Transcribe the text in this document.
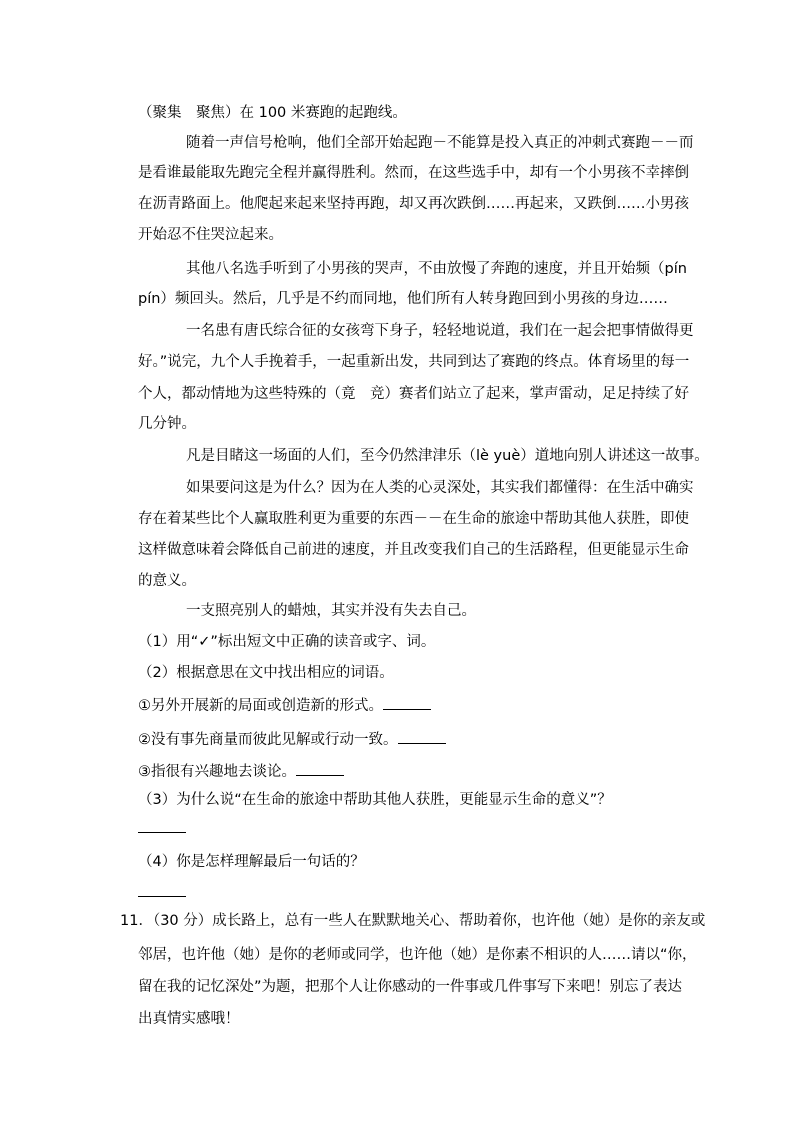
（聚集　聚焦）在 100 米赛跑的起跑线。
随着一声信号枪响，他们全部开始起跑－不能算是投入真正的冲刺式赛跑－－而
是看谁最能取先跑完全程并赢得胜利。然而，在这些选手中，却有一个小男孩不幸摔倒
在沥青路面上。他爬起来起来坚持再跑，却又再次跌倒……再起来，又跌倒……小男孩
开始忍不住哭泣起来。
其他八名选手听到了小男孩的哭声，不由放慢了奔跑的速度，并且开始频（pín
pín）频回头。然后，几乎是不约而同地，他们所有人转身跑回到小男孩的身边……
一名患有唐氏综合征的女孩弯下身子，轻轻地说道，我们在一起会把事情做得更
好。”说完，九个人手挽着手，一起重新出发，共同到达了赛跑的终点。体育场里的每一
个人，都动情地为这些特殊的（竟　竞）赛者们站立了起来，掌声雷动，足足持续了好
几分钟。
凡是目睹这一场面的人们，至今仍然津津乐（lè yuè）道地向别人讲述这一故事。
如果要问这是为什么？因为在人类的心灵深处，其实我们都懂得：在生活中确实
存在着某些比个人赢取胜利更为重要的东西－－在生命的旅途中帮助其他人获胜，即使
这样做意味着会降低自己前进的速度，并且改变我们自己的生活路程，但更能显示生命
的意义。
一支照亮别人的蜡烛，其实并没有失去自己。
（1）用“✓”标出短文中正确的读音或字、词。
（2）根据意思在文中找出相应的词语。
①另外开展新的局面或创造新的形式。
②没有事先商量而彼此见解或行动一致。
③指很有兴趣地去谈论。
（3）为什么说“在生命的旅途中帮助其他人获胜，更能显示生命的意义”？
（4）你是怎样理解最后一句话的？
11．（30 分）成长路上，总有一些人在默默地关心、帮助着你，也许他（她）是你的亲友或
邻居，也许他（她）是你的老师或同学，也许他（她）是你素不相识的人……请以“你，
留在我的记忆深处”为题，把那个人让你感动的一件事或几件事写下来吧！别忘了表达
出真情实感哦！
